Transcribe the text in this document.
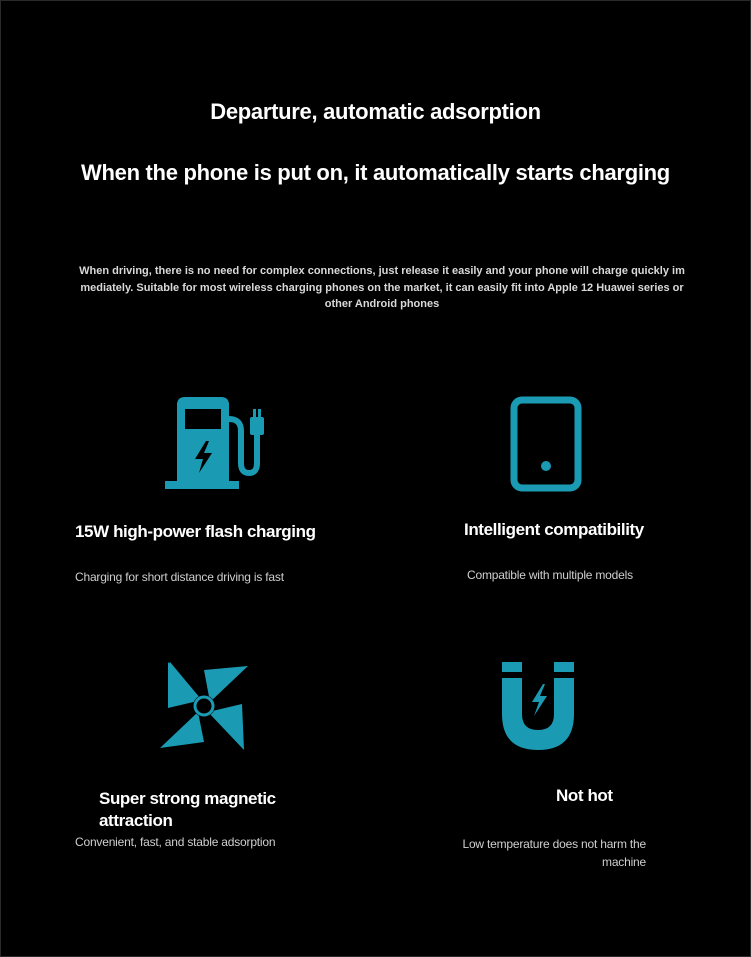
Departure, automatic adsorption
When the phone is put on, it automatically starts charging
When driving, there is no need for complex connections, just release it easily and your phone will charge quickly immediately. Suitable for most wireless charging phones on the market, it can easily fit into Apple 12 Huawei series or other Android phones
15W high-power flash charging
Charging for short distance driving is fast
Intelligent compatibility
Compatible with multiple models
Super strong magnetic attraction
Convenient, fast, and stable adsorption
Not hot
Low temperature does not harm the machine
